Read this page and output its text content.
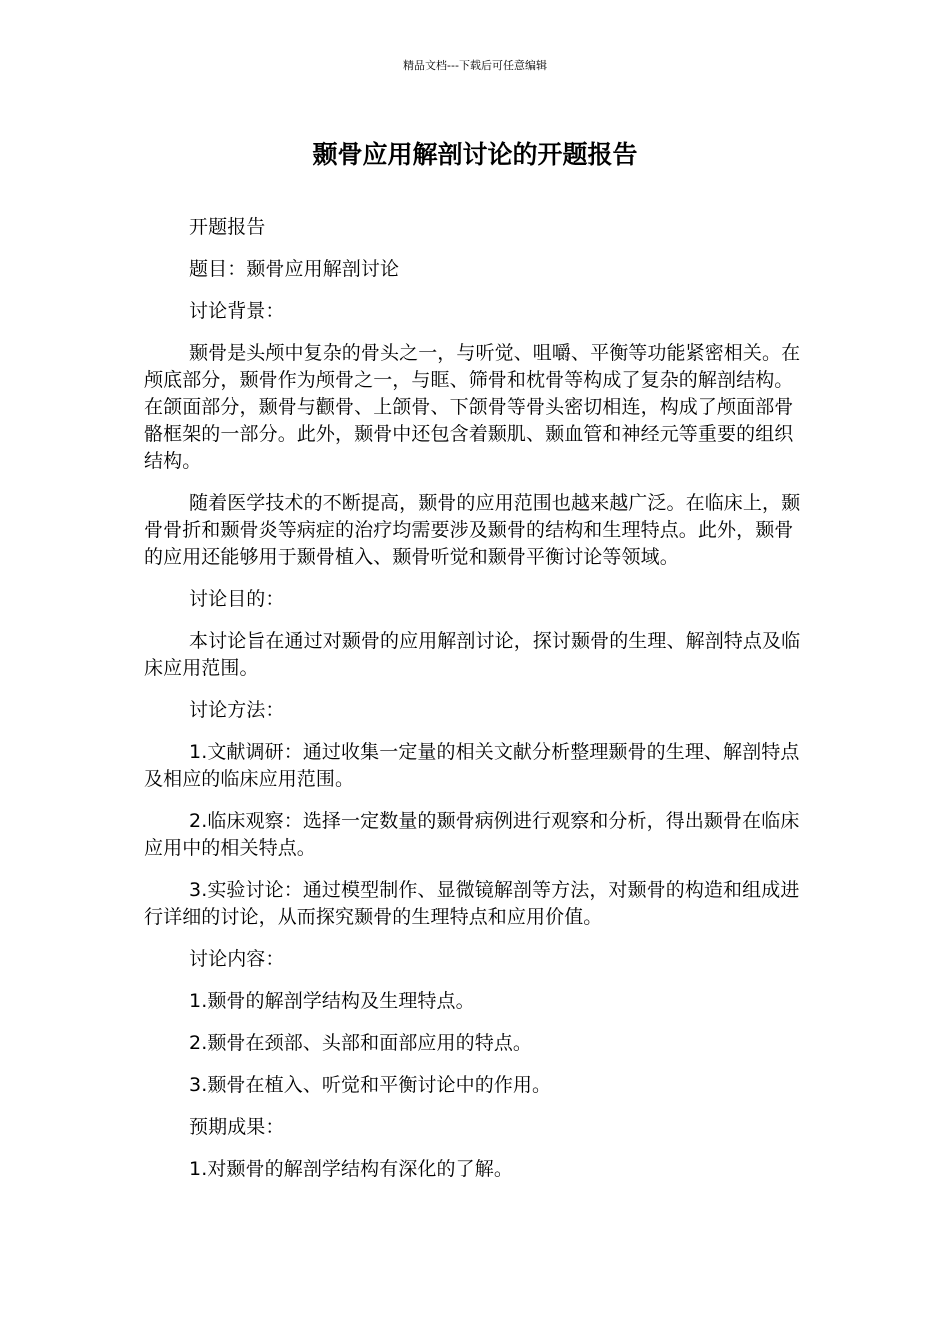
精品文档---下载后可任意编辑
颞骨应用解剖讨论的开题报告

开题报告

题目：颞骨应用解剖讨论

讨论背景：

颞骨是头颅中复杂的骨头之一，与听觉、咀嚼、平衡等功能紧密相关。在颅底部分，颞骨作为颅骨之一，与眶、筛骨和枕骨等构成了复杂的解剖结构。在颌面部分，颞骨与颧骨、上颌骨、下颌骨等骨头密切相连，构成了颅面部骨骼框架的一部分。此外，颞骨中还包含着颞肌、颞血管和神经元等重要的组织结构。

随着医学技术的不断提高，颞骨的应用范围也越来越广泛。在临床上，颞骨骨折和颞骨炎等病症的治疗均需要涉及颞骨的结构和生理特点。此外，颞骨的应用还能够用于颞骨植入、颞骨听觉和颞骨平衡讨论等领域。

讨论目的：

本讨论旨在通过对颞骨的应用解剖讨论，探讨颞骨的生理、解剖特点及临床应用范围。

讨论方法：

1.文献调研：通过收集一定量的相关文献分析整理颞骨的生理、解剖特点及相应的临床应用范围。

2.临床观察：选择一定数量的颞骨病例进行观察和分析，得出颞骨在临床应用中的相关特点。

3.实验讨论：通过模型制作、显微镜解剖等方法，对颞骨的构造和组成进行详细的讨论，从而探究颞骨的生理特点和应用价值。

讨论内容：

1.颞骨的解剖学结构及生理特点。

2.颞骨在颈部、头部和面部应用的特点。

3.颞骨在植入、听觉和平衡讨论中的作用。

预期成果：

1.对颞骨的解剖学结构有深化的了解。
